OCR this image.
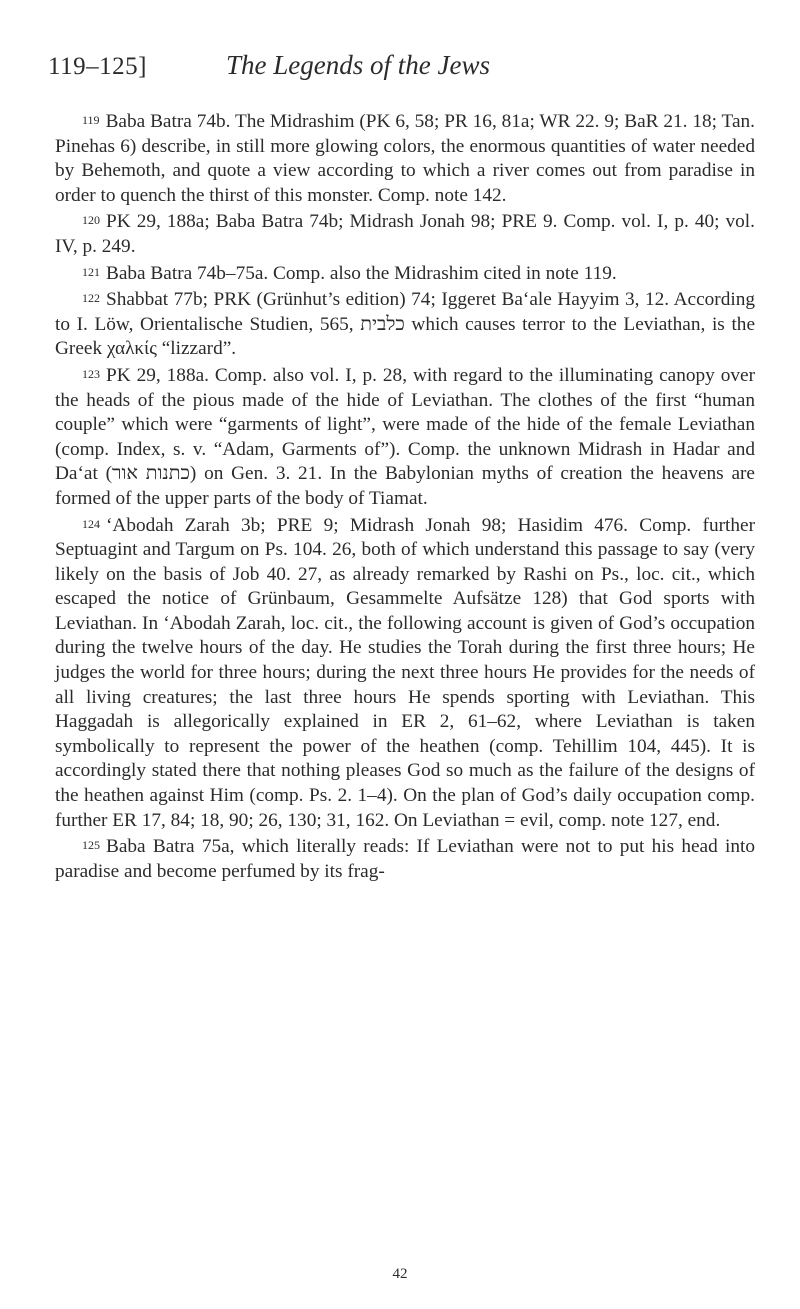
119–125]	The Legends of the Jews

119 Baba Batra 74b. The Midrashim (PK 6, 58; PR 16, 81a; WR 22. 9; BaR 21. 18; Tan. Pinehas 6) describe, in still more glowing colors, the enormous quantities of water needed by Behemoth, and quote a view according to which a river comes out from paradise in order to quench the thirst of this monster. Comp. note 142.

120 PK 29, 188a; Baba Batra 74b; Midrash Jonah 98; PRE 9. Comp. vol. I, p. 40; vol. IV, p. 249.

121 Baba Batra 74b–75a. Comp. also the Midrashim cited in note 119.

122 Shabbat 77b; PRK (Grünhut’s edition) 74; Iggeret Ba‘ale Hayyim 3, 12. According to I. Löw, Orientalische Studien, 565, כלבית which causes terror to the Leviathan, is the Greek χαλκίς “lizzard”.

123 PK 29, 188a. Comp. also vol. I, p. 28, with regard to the illuminating canopy over the heads of the pious made of the hide of Leviathan. The clothes of the first “human couple” which were “garments of light”, were made of the hide of the female Leviathan (comp. Index, s. v. “Adam, Garments of”). Comp. the unknown Midrash in Hadar and Da‘at (כתנות אור) on Gen. 3. 21. In the Babylonian myths of creation the heavens are formed of the upper parts of the body of Tiamat.

124 ‘Abodah Zarah 3b; PRE 9; Midrash Jonah 98; Hasidim 476. Comp. further Septuagint and Targum on Ps. 104. 26, both of which understand this passage to say (very likely on the basis of Job 40. 27, as already remarked by Rashi on Ps., loc. cit., which escaped the notice of Grünbaum, Gesammelte Aufsätze 128) that God sports with Leviathan. In ‘Abodah Zarah, loc. cit., the following account is given of God’s occupation during the twelve hours of the day. He studies the Torah during the first three hours; He judges the world for three hours; during the next three hours He provides for the needs of all living creatures; the last three hours He spends sporting with Leviathan. This Haggadah is allegorically explained in ER 2, 61–62, where Leviathan is taken symbolically to represent the power of the heathen (comp. Tehillim 104, 445). It is accordingly stated there that nothing pleases God so much as the failure of the designs of the heathen against Him (comp. Ps. 2. 1–4). On the plan of God’s daily occupation comp. further ER 17, 84; 18, 90; 26, 130; 31, 162. On Leviathan = evil, comp. note 127, end.

125 Baba Batra 75a, which literally reads: If Leviathan were not to put his head into paradise and become perfumed by its frag-

42
